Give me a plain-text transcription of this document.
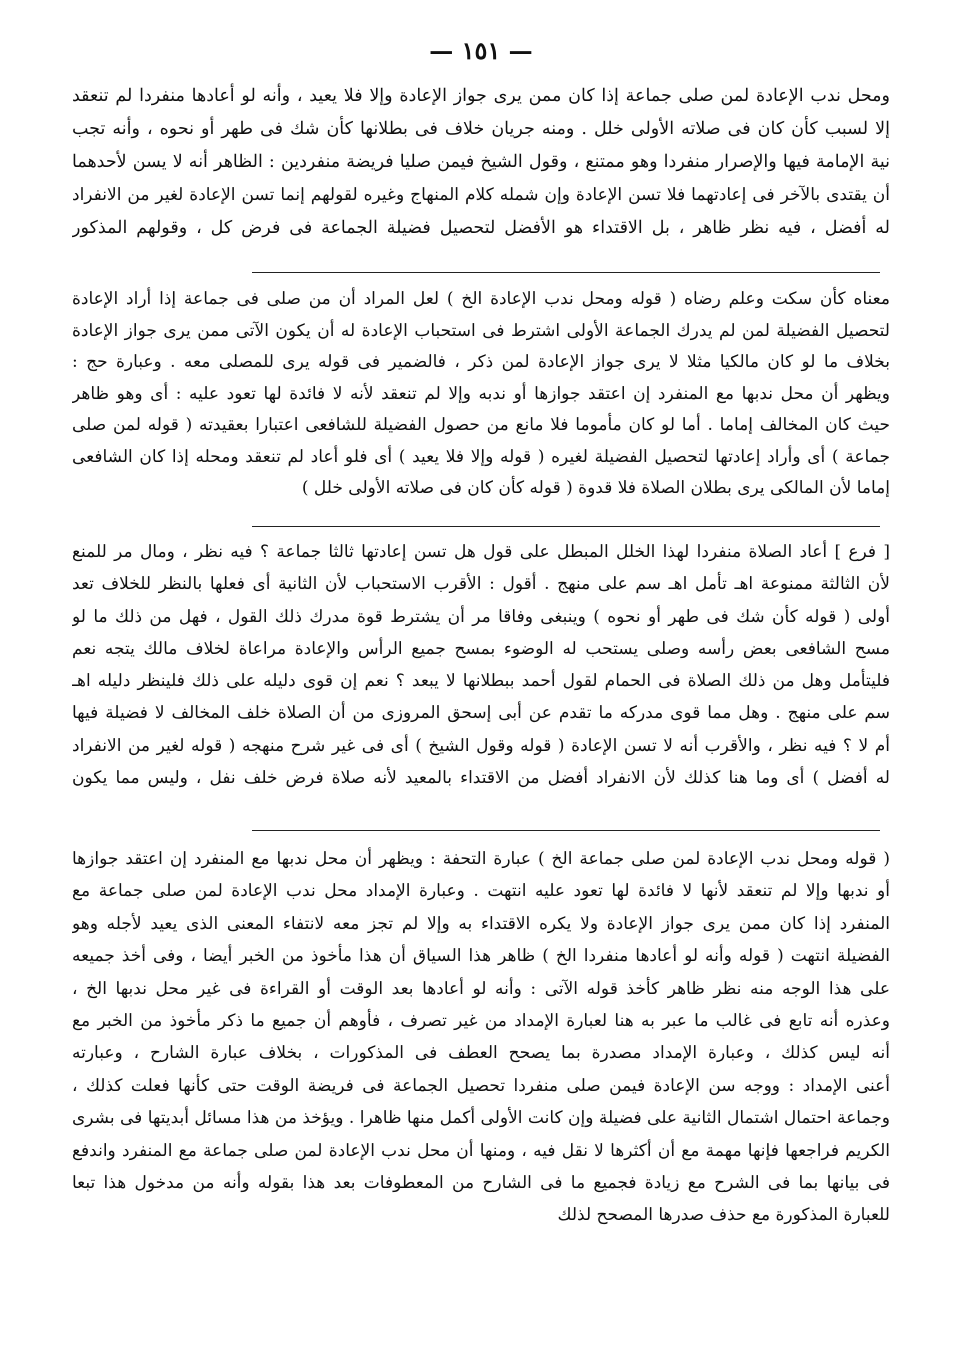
— ١٥١ —
ومحل ندب الإعادة لمن صلى جماعة إذا كان ممن يرى جواز الإعادة وإلا فلا يعيد ، وأنه لو أعادها منفردا لم تنعقد
إلا لسبب كأن كان فى صلاته الأولى خلل . ومنه جريان خلاف فى بطلانها كأن شك فى طهر أو نحوه ، وأنه تجب
نية الإمامة فيها والإصرار منفردا وهو ممتنع ، وقول الشيخ فيمن صليا فريضة منفردين : الظاهر أنه لا يسن لأحدهما
أن يقتدى بالآخر فى إعادتهما فلا تسن الإعادة وإن شمله كلام المنهاج وغيره لقولهم إنما تسن الإعادة لغير من الانفراد
له أفضل ، فيه نظر ظاهر ، بل الاقتداء هو الأفضل لتحصيل فضيلة الجماعة فى فرض كل ، وقولهم المذكور
معناه كأن سكت وعلم رضاه ( قوله ومحل ندب الإعادة الخ ) لعل المراد أن من صلى فى جماعة إذا أراد الإعادة
لتحصيل الفضيلة لمن لم يدرك الجماعة الأولى اشترط فى استحباب الإعادة له أن يكون الآتى ممن يرى جواز الإعادة
بخلاف ما لو كان مالكيا مثلا لا يرى جواز الإعادة لمن ذكر ، فالضمير فى قوله يرى للمصلى معه . وعبارة حج :
ويظهر أن محل ندبها مع المنفرد إن اعتقد جوازها أو ندبه وإلا لم تنعقد لأنه لا فائدة لها تعود عليه : أى وهو ظاهر
حيث كان المخالف إماما . أما لو كان مأموما فلا مانع من حصول الفضيلة للشافعى اعتبارا بعقيدته ( قوله لمن صلى
جماعة ) أى وأراد إعادتها لتحصيل الفضيلة لغيره ( قوله وإلا فلا يعيد ) أى فلو أعاد لم تنعقد ومحله إذا كان الشافعى
إماما لأن المالكى يرى بطلان الصلاة فلا قدوة ( قوله كأن كان فى صلاته الأولى خلل )
[ فرع ] أعاد الصلاة منفردا لهذا الخلل المبطل على قول هل تسن إعادتها ثالثا جماعة ؟ فيه نظر ، ومال مر للمنع
لأن الثالثة ممنوعة اهـ تأمل اهـ سم على منهج . أقول : الأقرب الاستحباب لأن الثانية أى فعلها بالنظر للخلاف تعد
أولى ( قوله كأن شك فى طهر أو نحوه ) وينبغى وفاقا مر أن يشترط قوة مدرك ذلك القول ، فهل من ذلك ما لو
مسح الشافعى بعض رأسه وصلى يستحب له الوضوء بمسح جميع الرأس والإعادة مراعاة لخلاف مالك يتجه نعم
فليتأمل وهل من ذلك الصلاة فى الحمام لقول أحمد ببطلانها لا يبعد ؟ نعم إن قوى دليله على ذلك فلينظر دليله اهـ
سم على منهج . وهل مما قوى مدركه ما تقدم عن أبى إسحق المروزى من أن الصلاة خلف المخالف لا فضيلة فيها
أم لا ؟ فيه نظر ، والأقرب أنه لا تسن الإعادة ( قوله وقول الشيخ ) أى فى غير شرح منهجه ( قوله لغير من الانفراد
له أفضل ) أى وما هنا كذلك لأن الانفراد أفضل من الاقتداء بالمعيد لأنه صلاة فرض خلف نفل ، وليس مما يكون
( قوله ومحل ندب الإعادة لمن صلى جماعة الخ ) عبارة التحفة : ويظهر أن محل ندبها مع المنفرد إن اعتقد جوازها
أو ندبها وإلا لم تنعقد لأنها لا فائدة لها تعود عليه انتهت . وعبارة الإمداد محل ندب الإعادة لمن صلى جماعة مع
المنفرد إذا كان ممن يرى جواز الإعادة ولا يكره الاقتداء به وإلا لم تجز معه لانتفاء المعنى الذى يعيد لأجله وهو
الفضيلة انتهت ( قوله وأنه لو أعادها منفردا الخ ) ظاهر هذا السياق أن هذا مأخوذ من الخبر أيضا ، وفى أخذ جميعه
على هذا الوجه منه نظر ظاهر كأخذ قوله الآتى : وأنه لو أعادها بعد الوقت أو القراءة فى غير محل ندبها الخ ،
وعذره أنه تابع فى غالب ما عبر به هنا لعبارة الإمداد من غير تصرف ، فأوهم أن جميع ما ذكر مأخوذ من الخبر مع
أنه ليس كذلك ، وعبارة الإمداد مصدرة بما يصحح العطف فى المذكورات ، بخلاف عبارة الشارح ، وعبارته
أعنى الإمداد : ووجه سن الإعادة فيمن صلى منفردا تحصيل الجماعة فى فريضة الوقت حتى كأنها فعلت كذلك ،
وجماعة احتمال اشتمال الثانية على فضيلة وإن كانت الأولى أكمل منها ظاهرا . ويؤخذ من هذا مسائل أبديتها فى بشرى
الكريم فراجعها فإنها مهمة مع أن أكثرها لا نقل فيه ، ومنها أن محل ندب الإعادة لمن صلى جماعة مع المنفرد واندفع
فى بيانها بما فى الشرح مع زيادة فجميع ما فى الشارح من المعطوفات بعد هذا بقوله وأنه من مدخول هذا تبعا
للعبارة المذكورة مع حذف صدرها المصحح لذلك
